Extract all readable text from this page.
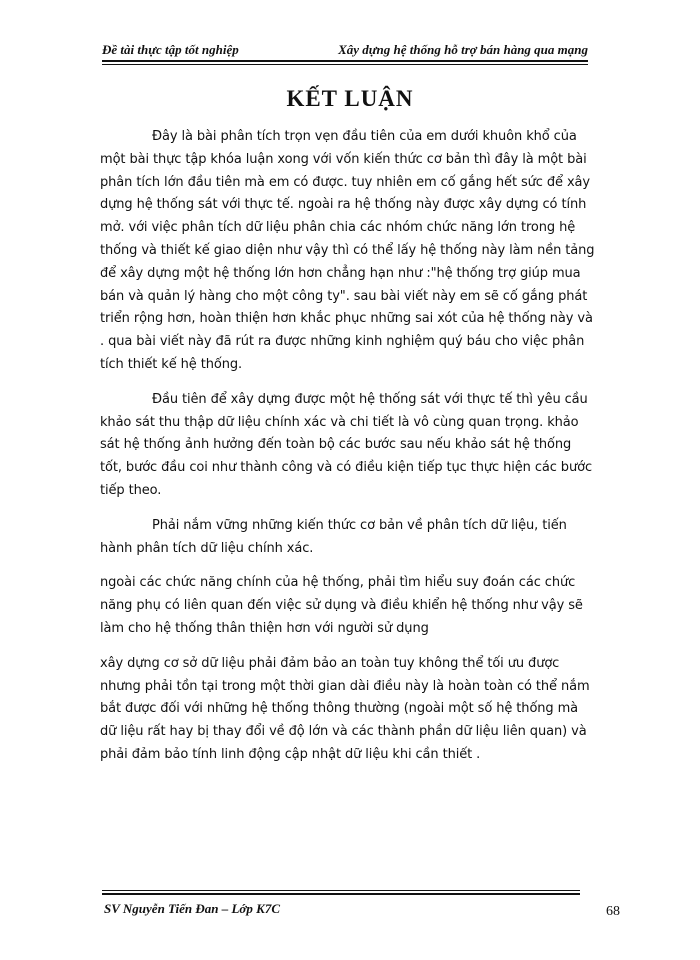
Đề tài thực tập tốt nghiệp	Xây dựng hệ thống hỗ trợ bán hàng qua mạng
KẾT LUẬN

Đây là bài phân tích trọn vẹn đầu tiên của em dưới khuôn khổ của một bài thực tập khóa luận xong với vốn kiến thức cơ bản thì đây là một bài phân tích lớn đầu tiên mà em có được. tuy nhiên em cố gắng hết sức để xây dựng hệ thống sát với thực tế. ngoài ra hệ thống này được xây dựng có tính mở. với việc phân tích dữ liệu phân chia các nhóm chức năng lớn trong hệ thống và thiết kế giao diện như vậy thì có thể lấy hệ thống này làm nền tảng để xây dựng một hệ thống lớn hơn chẳng hạn như :"hệ thống trợ giúp mua bán và quản lý hàng cho một công ty". sau bài viết này em sẽ cố gắng phát triển rộng hơn, hoàn thiện hơn khắc phục những sai xót của hệ thống này và . qua bài viết này đã rút ra được những kinh nghiệm quý báu cho việc phân tích thiết kế hệ thống.

Đầu tiên để xây dựng được một hệ thống sát với thực tế thì yêu cầu khảo sát thu thập dữ liệu chính xác và chi tiết là vô cùng quan trọng. khảo sát hệ thống ảnh hưởng đến toàn bộ các bước sau nếu khảo sát hệ thống tốt, bước đầu coi như thành công và có điều kiện tiếp tục thực hiện các bước tiếp theo.

Phải nắm vững những kiến thức cơ bản về phân tích dữ liệu, tiến hành phân tích dữ liệu chính xác.

ngoài các chức năng chính của hệ thống, phải tìm hiểu suy đoán các chức năng phụ có liên quan đến việc sử dụng và điều khiển hệ thống như vậy sẽ làm cho hệ thống thân thiện hơn với người sử dụng

xây dựng cơ sở dữ liệu phải đảm bảo an toàn tuy không thể tối ưu được nhưng phải tồn tại trong một thời gian dài điều này là hoàn toàn có thể nắm bắt được đối với những hệ thống thông thường (ngoài một số hệ thống mà dữ liệu rất hay bị thay đổi về độ lớn và các thành phần dữ liệu liên quan) và phải đảm bảo tính linh động cập nhật dữ liệu khi cần thiết .

SV Nguyễn Tiến Đan – Lớp K7C	68
